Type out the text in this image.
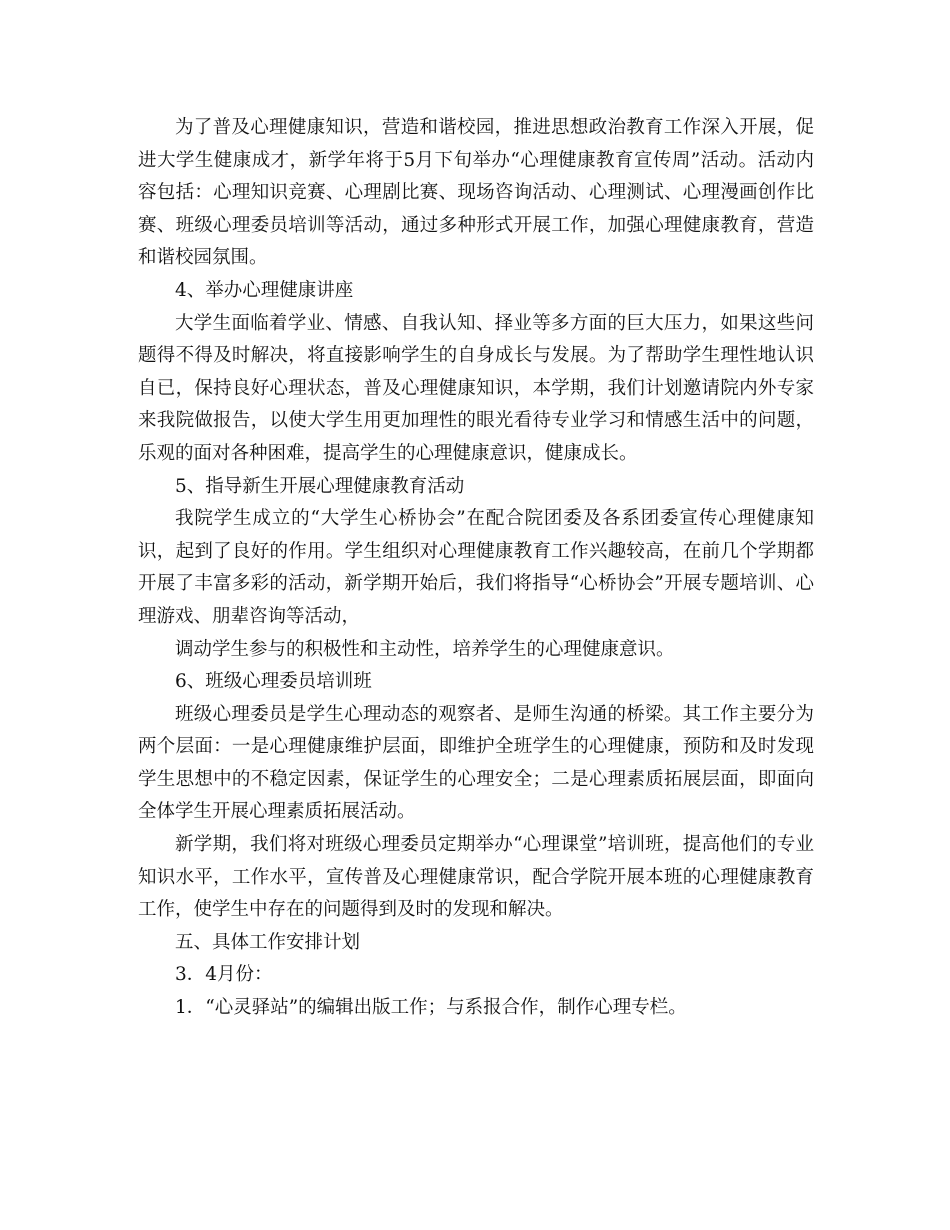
为了普及心理健康知识，营造和谐校园，推进思想政治教育工作深入开展，促进大学生健康成才，新学年将于5月下旬举办“心理健康教育宣传周”活动。活动内容包括：心理知识竞赛、心理剧比赛、现场咨询活动、心理测试、心理漫画创作比赛、班级心理委员培训等活动，通过多种形式开展工作，加强心理健康教育，营造和谐校园氛围。

4、举办心理健康讲座

大学生面临着学业、情感、自我认知、择业等多方面的巨大压力，如果这些问题得不得及时解决，将直接影响学生的自身成长与发展。为了帮助学生理性地认识自已，保持良好心理状态，普及心理健康知识，本学期，我们计划邀请院内外专家来我院做报告，以使大学生用更加理性的眼光看待专业学习和情感生活中的问题，乐观的面对各种困难，提高学生的心理健康意识，健康成长。

5、指导新生开展心理健康教育活动

我院学生成立的“大学生心桥协会”在配合院团委及各系团委宣传心理健康知识，起到了良好的作用。学生组织对心理健康教育工作兴趣较高，在前几个学期都开展了丰富多彩的活动，新学期开始后，我们将指导“心桥协会”开展专题培训、心理游戏、朋辈咨询等活动，

调动学生参与的积极性和主动性，培养学生的心理健康意识。

6、班级心理委员培训班

班级心理委员是学生心理动态的观察者、是师生沟通的桥梁。其工作主要分为两个层面：一是心理健康维护层面，即维护全班学生的心理健康，预防和及时发现学生思想中的不稳定因素，保证学生的心理安全；二是心理素质拓展层面，即面向全体学生开展心理素质拓展活动。

新学期，我们将对班级心理委员定期举办“心理课堂”培训班，提高他们的专业知识水平，工作水平，宣传普及心理健康常识，配合学院开展本班的心理健康教育工作，使学生中存在的问题得到及时的发现和解决。

五、具体工作安排计划

3．4月份：

1．“心灵驿站”的编辑出版工作；与系报合作，制作心理专栏。
